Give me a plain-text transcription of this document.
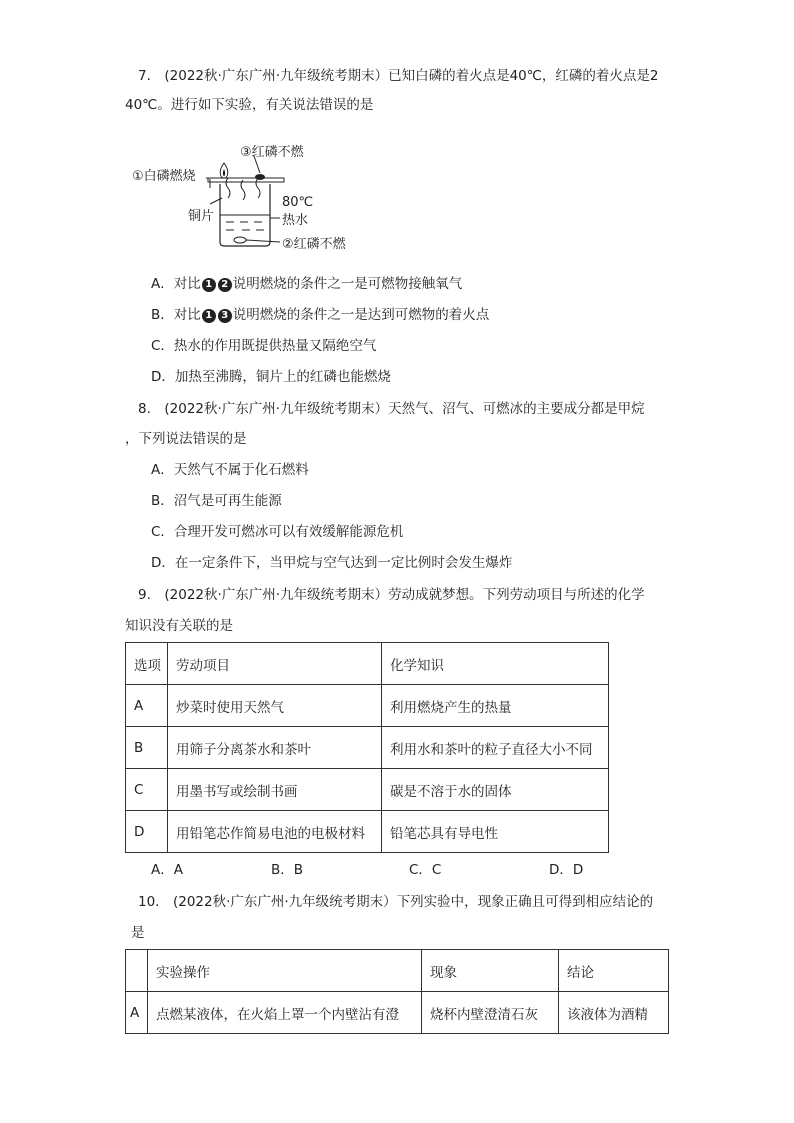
7.　(2022秋·广东广州·九年级统考期末）已知白磷的着火点是40℃，红磷的着火点是2
40℃。进行如下实验，有关说法错误的是
③红磷不燃
①白磷燃烧
铜片
80℃
热水
②红磷不燃
A．对比 1 2 说明燃烧的条件之一是可燃物接触氧气
B．对比 1 3 说明燃烧的条件之一是达到可燃物的着火点
C．热水的作用既提供热量又隔绝空气
D．加热至沸腾，铜片上的红磷也能燃烧
8.　(2022秋·广东广州·九年级统考期末）天然气、沼气、可燃冰的主要成分都是甲烷
，下列说法错误的是
A．天然气不属于化石燃料
B．沼气是可再生能源
C．合理开发可燃冰可以有效缓解能源危机
D．在一定条件下，当甲烷与空气达到一定比例时会发生爆炸
9.　(2022秋·广东广州·九年级统考期末）劳动成就梦想。下列劳动项目与所述的化学
知识没有关联的是
选项	劳动项目	化学知识
A	炒菜时使用天然气	利用燃烧产生的热量
B	用筛子分离茶水和茶叶	利用水和茶叶的粒子直径大小不同
C	用墨书写或绘制书画	碳是不溶于水的固体
D	用铅笔芯作简易电池的电极材料	铅笔芯具有导电性
A．A	B．B	C．C	D．D
10.　(2022秋·广东广州·九年级统考期末）下列实验中，现象正确且可得到相应结论的
是
	实验操作	现象	结论
A	点燃某液体，在火焰上罩一个内壁沾有澄	烧杯内壁澄清石灰	该液体为酒精
